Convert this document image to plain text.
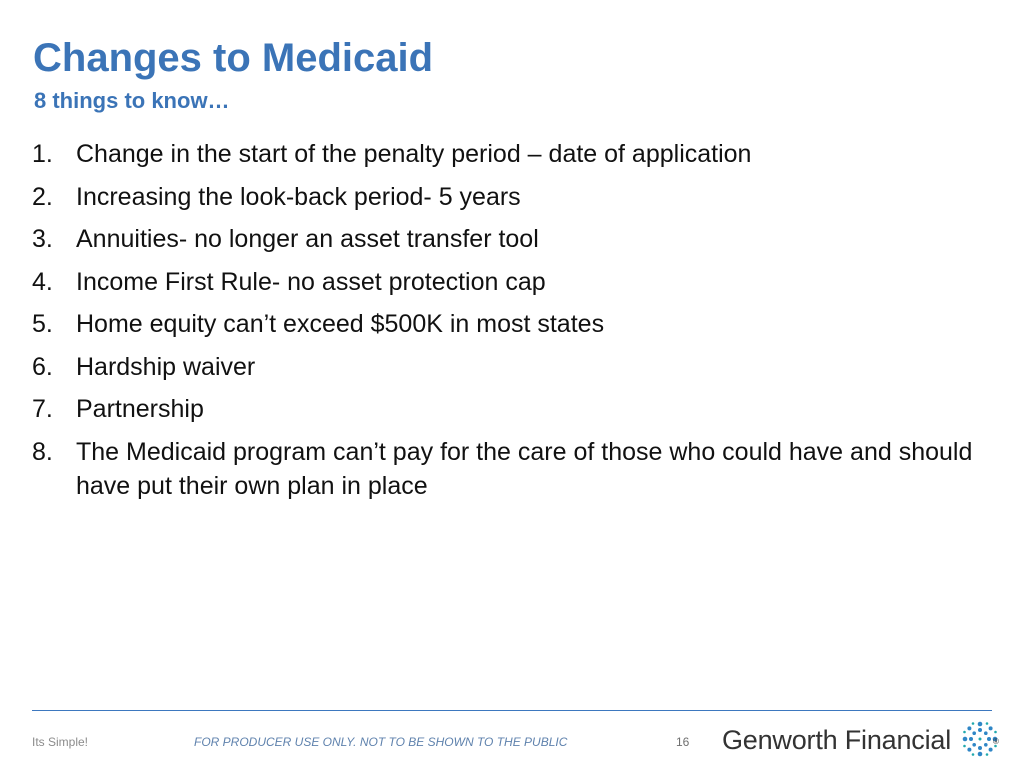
Changes to Medicaid
8 things to know…
1. Change in the start of the penalty period – date of application
2. Increasing the look-back period- 5 years
3. Annuities- no longer an asset transfer tool
4. Income First Rule- no asset protection cap
5. Home equity can’t exceed $500K in most states
6. Hardship waiver
7. Partnership
8. The Medicaid program can’t pay for the care of those who could have and should have put their own plan in place
Its Simple!	FOR PRODUCER USE ONLY. NOT TO BE SHOWN TO THE PUBLIC	16 Genworth Financial	®
